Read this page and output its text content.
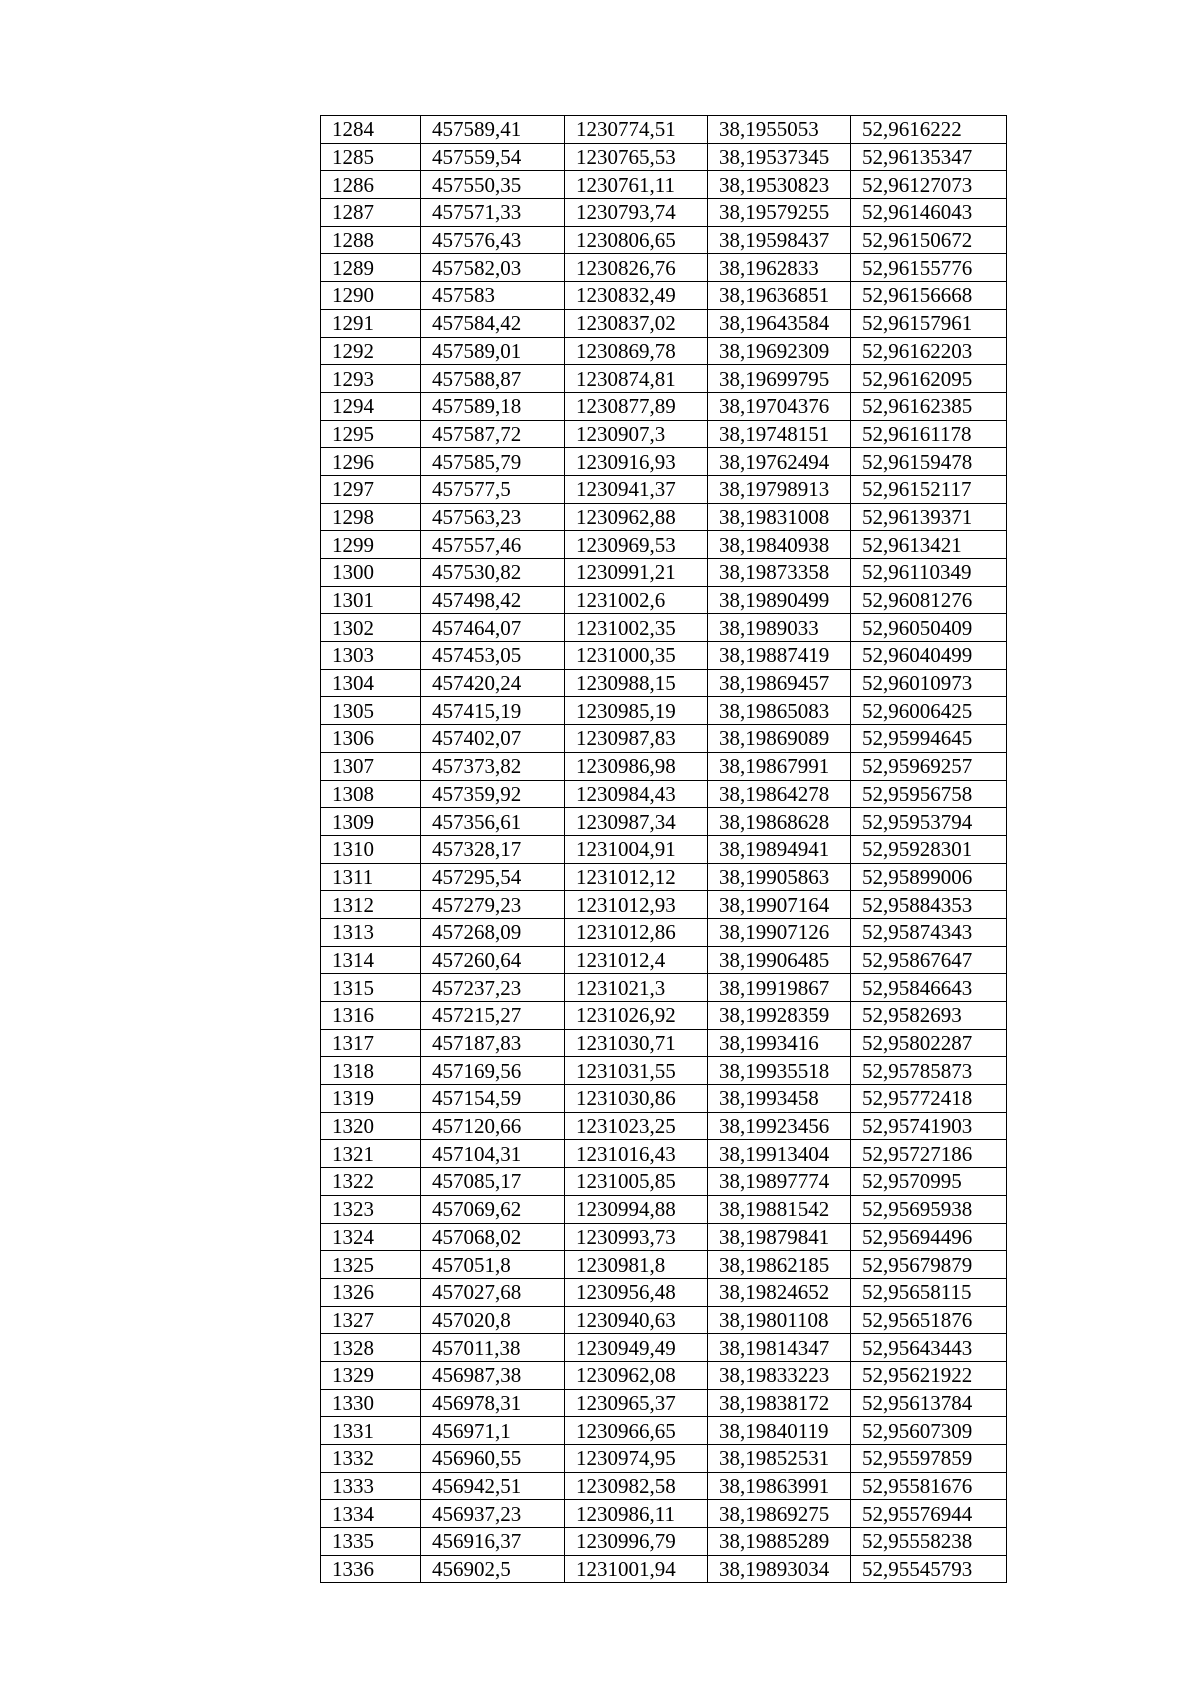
1284	457589,41	1230774,51	38,1955053	52,9616222
1285	457559,54	1230765,53	38,19537345	52,96135347
1286	457550,35	1230761,11	38,19530823	52,96127073
1287	457571,33	1230793,74	38,19579255	52,96146043
1288	457576,43	1230806,65	38,19598437	52,96150672
1289	457582,03	1230826,76	38,1962833	52,96155776
1290	457583	1230832,49	38,19636851	52,96156668
1291	457584,42	1230837,02	38,19643584	52,96157961
1292	457589,01	1230869,78	38,19692309	52,96162203
1293	457588,87	1230874,81	38,19699795	52,96162095
1294	457589,18	1230877,89	38,19704376	52,96162385
1295	457587,72	1230907,3	38,19748151	52,96161178
1296	457585,79	1230916,93	38,19762494	52,96159478
1297	457577,5	1230941,37	38,19798913	52,96152117
1298	457563,23	1230962,88	38,19831008	52,96139371
1299	457557,46	1230969,53	38,19840938	52,9613421
1300	457530,82	1230991,21	38,19873358	52,96110349
1301	457498,42	1231002,6	38,19890499	52,96081276
1302	457464,07	1231002,35	38,1989033	52,96050409
1303	457453,05	1231000,35	38,19887419	52,96040499
1304	457420,24	1230988,15	38,19869457	52,96010973
1305	457415,19	1230985,19	38,19865083	52,96006425
1306	457402,07	1230987,83	38,19869089	52,95994645
1307	457373,82	1230986,98	38,19867991	52,95969257
1308	457359,92	1230984,43	38,19864278	52,95956758
1309	457356,61	1230987,34	38,19868628	52,95953794
1310	457328,17	1231004,91	38,19894941	52,95928301
1311	457295,54	1231012,12	38,19905863	52,95899006
1312	457279,23	1231012,93	38,19907164	52,95884353
1313	457268,09	1231012,86	38,19907126	52,95874343
1314	457260,64	1231012,4	38,19906485	52,95867647
1315	457237,23	1231021,3	38,19919867	52,95846643
1316	457215,27	1231026,92	38,19928359	52,9582693
1317	457187,83	1231030,71	38,1993416	52,95802287
1318	457169,56	1231031,55	38,19935518	52,95785873
1319	457154,59	1231030,86	38,1993458	52,95772418
1320	457120,66	1231023,25	38,19923456	52,95741903
1321	457104,31	1231016,43	38,19913404	52,95727186
1322	457085,17	1231005,85	38,19897774	52,9570995
1323	457069,62	1230994,88	38,19881542	52,95695938
1324	457068,02	1230993,73	38,19879841	52,95694496
1325	457051,8	1230981,8	38,19862185	52,95679879
1326	457027,68	1230956,48	38,19824652	52,95658115
1327	457020,8	1230940,63	38,19801108	52,95651876
1328	457011,38	1230949,49	38,19814347	52,95643443
1329	456987,38	1230962,08	38,19833223	52,95621922
1330	456978,31	1230965,37	38,19838172	52,95613784
1331	456971,1	1230966,65	38,19840119	52,95607309
1332	456960,55	1230974,95	38,19852531	52,95597859
1333	456942,51	1230982,58	38,19863991	52,95581676
1334	456937,23	1230986,11	38,19869275	52,95576944
1335	456916,37	1230996,79	38,19885289	52,95558238
1336	456902,5	1231001,94	38,19893034	52,95545793
